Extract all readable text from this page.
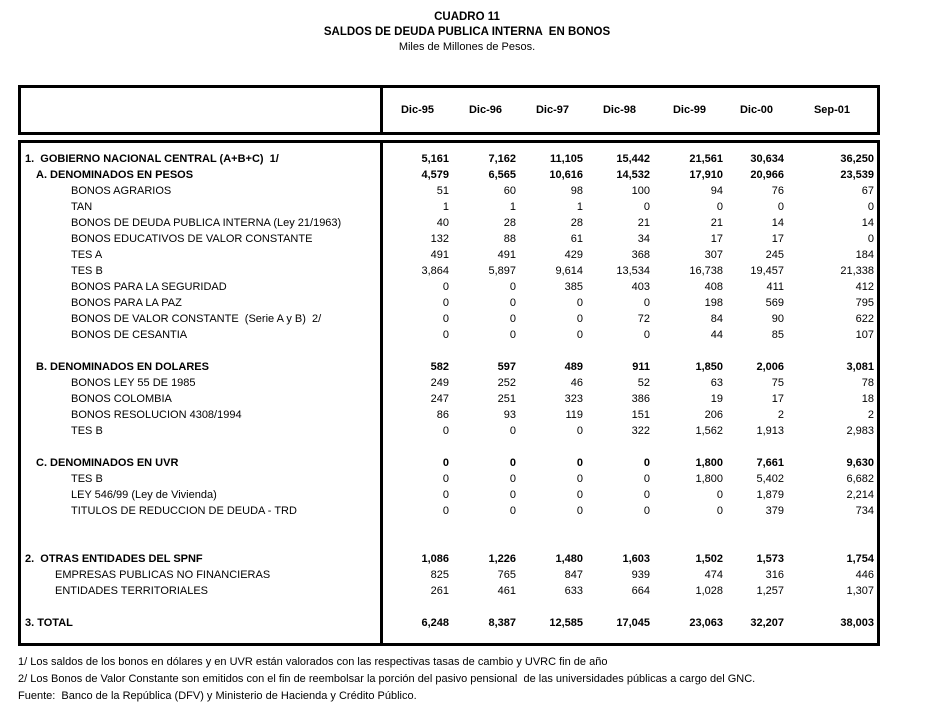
CUADRO 11
SALDOS DE DEUDA PUBLICA INTERNA  EN BONOS
Miles de Millones de Pesos.
Dic-95	Dic-96	Dic-97	Dic-98	Dic-99	Dic-00	Sep-01
1.  GOBIERNO NACIONAL CENTRAL (A+B+C)  1/	5,161	7,162	11,105	15,442	21,561	30,634	36,250
A. DENOMINADOS EN PESOS	4,579	6,565	10,616	14,532	17,910	20,966	23,539
BONOS AGRARIOS	51	60	98	100	94	76	67
TAN	1	1	1	0	0	0	0
BONOS DE DEUDA PUBLICA INTERNA (Ley 21/1963)	40	28	28	21	21	14	14
BONOS EDUCATIVOS DE VALOR CONSTANTE	132	88	61	34	17	17	0
TES A	491	491	429	368	307	245	184
TES B	3,864	5,897	9,614	13,534	16,738	19,457	21,338
BONOS PARA LA SEGURIDAD	0	0	385	403	408	411	412
BONOS PARA LA PAZ	0	0	0	0	198	569	795
BONOS DE VALOR CONSTANTE  (Serie A y B)  2/	0	0	0	72	84	90	622
BONOS DE CESANTIA	0	0	0	0	44	85	107
B. DENOMINADOS EN DOLARES	582	597	489	911	1,850	2,006	3,081
BONOS LEY 55 DE 1985	249	252	46	52	63	75	78
BONOS COLOMBIA	247	251	323	386	19	17	18
BONOS RESOLUCION 4308/1994	86	93	119	151	206	2	2
TES B	0	0	0	322	1,562	1,913	2,983
C. DENOMINADOS EN UVR	0	0	0	0	1,800	7,661	9,630
TES B	0	0	0	0	1,800	5,402	6,682
LEY 546/99 (Ley de Vivienda)	0	0	0	0	0	1,879	2,214
TITULOS DE REDUCCION DE DEUDA - TRD	0	0	0	0	0	379	734
2.  OTRAS ENTIDADES DEL SPNF	1,086	1,226	1,480	1,603	1,502	1,573	1,754
EMPRESAS PUBLICAS NO FINANCIERAS	825	765	847	939	474	316	446
ENTIDADES TERRITORIALES	261	461	633	664	1,028	1,257	1,307
3. TOTAL	6,248	8,387	12,585	17,045	23,063	32,207	38,003
1/ Los saldos de los bonos en dólares y en UVR están valorados con las respectivas tasas de cambio y UVRC fin de año
2/ Los Bonos de Valor Constante son emitidos con el fin de reembolsar la porción del pasivo pensional  de las universidades públicas a cargo del GNC.
Fuente:  Banco de la República (DFV) y Ministerio de Hacienda y Crédito Público.
